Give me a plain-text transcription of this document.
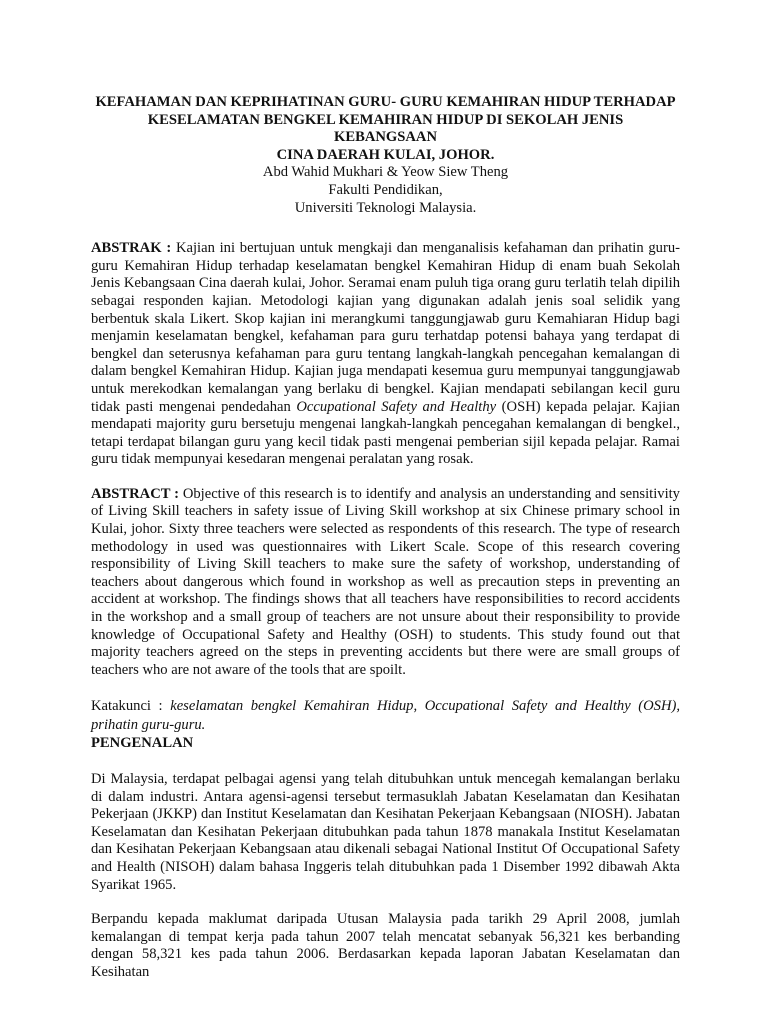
KEFAHAMAN DAN KEPRIHATINAN GURU- GURU KEMAHIRAN HIDUP TERHADAP
KESELAMATAN BENGKEL KEMAHIRAN HIDUP DI SEKOLAH JENIS KEBANGSAAN
CINA DAERAH KULAI, JOHOR.
Abd Wahid Mukhari & Yeow Siew Theng
Fakulti Pendidikan,
Universiti Teknologi Malaysia.

ABSTRAK : Kajian ini bertujuan untuk mengkaji dan menganalisis kefahaman dan prihatin guru-guru Kemahiran Hidup terhadap keselamatan bengkel Kemahiran Hidup di enam buah Sekolah Jenis Kebangsaan Cina daerah kulai, Johor. Seramai enam puluh tiga orang guru terlatih telah dipilih sebagai responden kajian. Metodologi kajian yang digunakan adalah jenis soal selidik yang berbentuk skala Likert. Skop kajian ini merangkumi tanggungjawab guru Kemahiaran Hidup bagi menjamin keselamatan bengkel, kefahaman para guru terhatdap potensi bahaya yang terdapat di bengkel dan seterusnya kefahaman para guru tentang langkah-langkah pencegahan kemalangan di dalam bengkel Kemahiran Hidup. Kajian juga mendapati kesemua guru mempunyai tanggungjawab untuk merekodkan kemalangan yang berlaku di bengkel. Kajian mendapati sebilangan kecil guru tidak pasti mengenai pendedahan Occupational Safety and Healthy (OSH) kepada pelajar. Kajian mendapati majority guru bersetuju mengenai langkah-langkah pencegahan kemalangan di bengkel., tetapi terdapat bilangan guru yang kecil tidak pasti mengenai pemberian sijil kepada pelajar. Ramai guru tidak mempunyai kesedaran mengenai peralatan yang rosak.

ABSTRACT : Objective of this research is to identify and analysis an understanding and sensitivity of Living Skill teachers in safety issue of Living Skill workshop at six Chinese primary school in Kulai, johor. Sixty three teachers were selected as respondents of this research. The type of research methodology in used was questionnaires with Likert Scale. Scope of this research covering responsibility of Living Skill teachers to make sure the safety of workshop, understanding of teachers about dangerous which found in workshop as well as precaution steps in preventing an accident at workshop. The findings shows that all teachers have responsibilities to record accidents in the workshop and a small group of teachers are not unsure about their responsibility to provide knowledge of Occupational Safety and Healthy (OSH) to students. This study found out that majority teachers agreed on the steps in preventing accidents but there were are small groups of teachers who are not aware of the tools that are spoilt.

Katakunci : keselamatan bengkel Kemahiran Hidup, Occupational Safety and Healthy (OSH), prihatin guru-guru.

PENGENALAN

Di Malaysia, terdapat pelbagai agensi yang telah ditubuhkan untuk mencegah kemalangan berlaku di dalam industri. Antara agensi-agensi tersebut termasuklah Jabatan Keselamatan dan Kesihatan Pekerjaan (JKKP) dan Institut Keselamatan dan Kesihatan Pekerjaan Kebangsaan (NIOSH). Jabatan Keselamatan dan Kesihatan Pekerjaan ditubuhkan pada tahun 1878 manakala Institut Keselamatan dan Kesihatan Pekerjaan Kebangsaan atau dikenali sebagai National Institut Of Occupational Safety and Health (NISOH) dalam bahasa Inggeris telah ditubuhkan pada 1 Disember 1992 dibawah Akta Syarikat 1965.

Berpandu kepada maklumat daripada Utusan Malaysia pada tarikh 29 April 2008, jumlah kemalangan di tempat kerja pada tahun 2007 telah mencatat sebanyak 56,321 kes berbanding dengan 58,321 kes pada tahun 2006. Berdasarkan kepada laporan Jabatan Keselamatan dan Kesihatan
